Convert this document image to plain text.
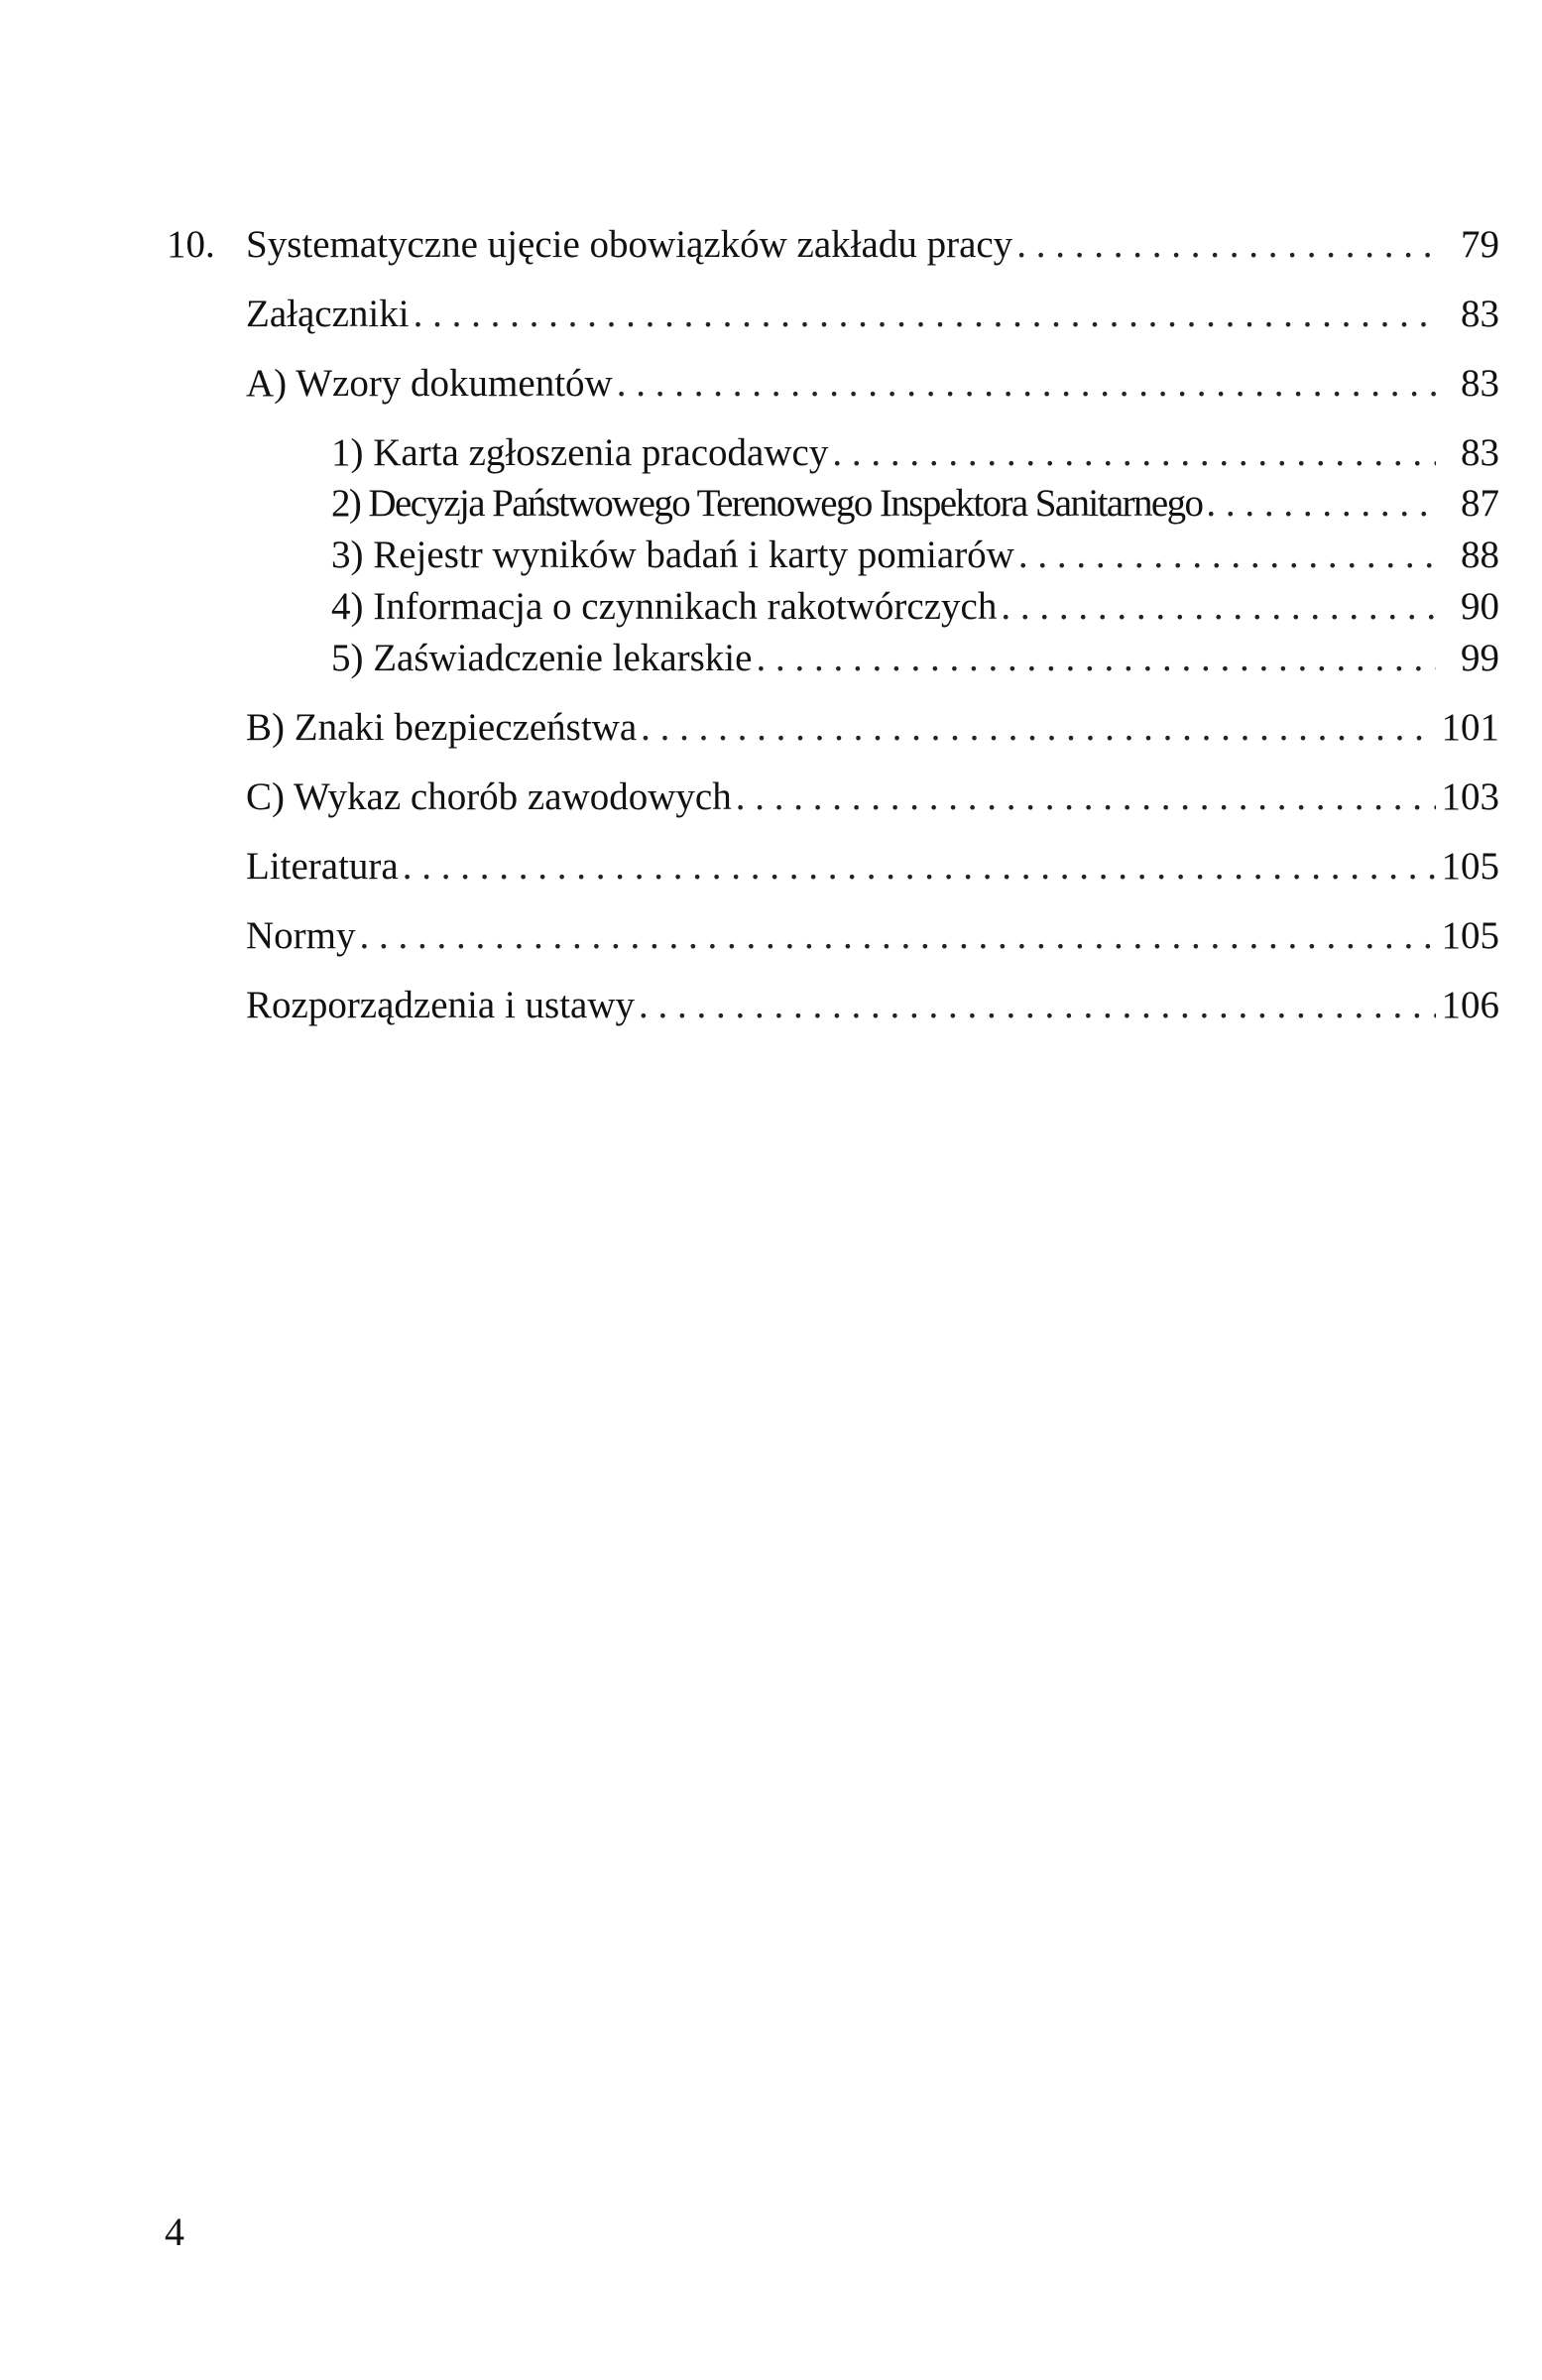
10. Systematyczne ujęcie obowiązków zakładu pracy . . .	79
Załączniki . . .	83
A) Wzory dokumentów . . .	83
1) Karta zgłoszenia pracodawcy . . .	83
2) Decyzja Państwowego Terenowego Inspektora Sanitarnego . . .	87
3) Rejestr wyników badań i karty pomiarów . . .	88
4) Informacja o czynnikach rakotwórczych . . .	90
5) Zaświadczenie lekarskie . . .	99
B) Znaki bezpieczeństwa . . .	101
C) Wykaz chorób zawodowych . . .	103
Literatura . . .	105
Normy . . .	105
Rozporządzenia i ustawy . . .	106
4
